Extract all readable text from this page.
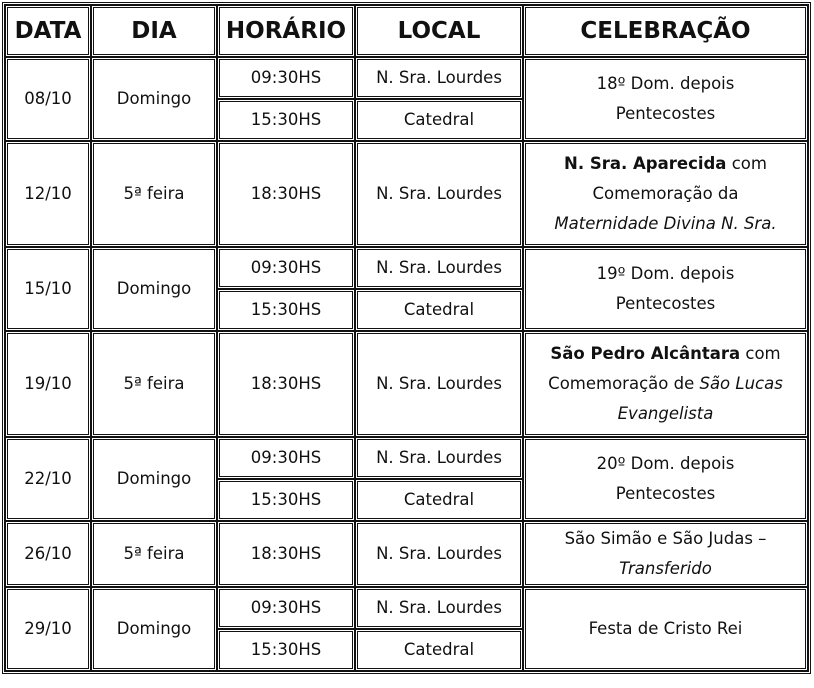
DATA	DIA	HORÁRIO	LOCAL	CELEBRAÇÃO
08/10	Domingo	09:30HS	N. Sra. Lourdes	18º Dom. depois
Pentecostes
		15:30HS	Catedral	
12/10	5ª feira	18:30HS	N. Sra. Lourdes	N. Sra. Aparecida com
Comemoração da
Maternidade Divina N. Sra.
15/10	Domingo	09:30HS	N. Sra. Lourdes	19º Dom. depois
Pentecostes
		15:30HS	Catedral	
19/10	5ª feira	18:30HS	N. Sra. Lourdes	São Pedro Alcântara com
Comemoração de São Lucas Evangelista
22/10	Domingo	09:30HS	N. Sra. Lourdes	20º Dom. depois
Pentecostes
		15:30HS	Catedral	
26/10	5ª feira	18:30HS	N. Sra. Lourdes	São Simão e São Judas –
Transferido
29/10	Domingo	09:30HS	N. Sra. Lourdes	Festa de Cristo Rei
		15:30HS	Catedral	
